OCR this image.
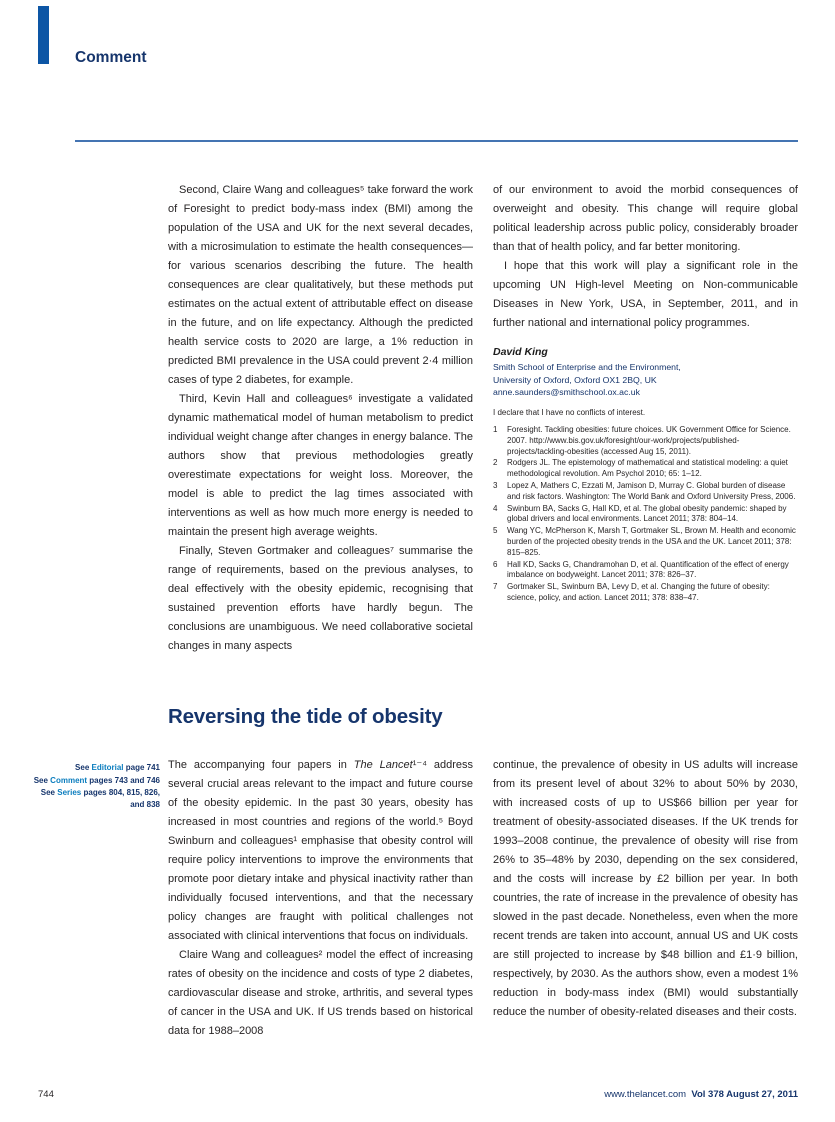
Comment

Second, Claire Wang and colleagues⁵ take forward the work of Foresight to predict body-mass index (BMI) among the population of the USA and UK for the next several decades, with a microsimulation to estimate the health consequences—for various scenarios describing the future. The health consequences are clear qualitatively, but these methods put estimates on the actual extent of attributable effect on disease in the future, and on life expectancy. Although the predicted health service costs to 2020 are large, a 1% reduction in predicted BMI prevalence in the USA could prevent 2·4 million cases of type 2 diabetes, for example.

Third, Kevin Hall and colleagues⁶ investigate a validated dynamic mathematical model of human metabolism to predict individual weight change after changes in energy balance. The authors show that previous methodologies greatly overestimate expectations for weight loss. Moreover, the model is able to predict the lag times associated with interventions as well as how much more energy is needed to maintain the present high average weights.

Finally, Steven Gortmaker and colleagues⁷ summarise the range of requirements, based on the previous analyses, to deal effectively with the obesity epidemic, recognising that sustained prevention efforts have hardly begun. The conclusions are unambiguous. We need collaborative societal changes in many aspects

of our environment to avoid the morbid consequences of overweight and obesity. This change will require global political leadership across public policy, considerably broader than that of health policy, and far better monitoring.

I hope that this work will play a significant role in the upcoming UN High-level Meeting on Non-communicable Diseases in New York, USA, in September, 2011, and in further national and international policy programmes.

David King

Smith School of Enterprise and the Environment,
University of Oxford, Oxford OX1 2BQ, UK
anne.saunders@smithschool.ox.ac.uk

I declare that I have no conflicts of interest.

1	Foresight. Tackling obesities: future choices. UK Government Office for Science. 2007. http://www.bis.gov.uk/foresight/our-work/projects/published-projects/tackling-obesities (accessed Aug 15, 2011).
2	Rodgers JL. The epistemology of mathematical and statistical modeling: a quiet methodological revolution. Am Psychol 2010; 65: 1–12.
3	Lopez A, Mathers C, Ezzati M, Jamison D, Murray C. Global burden of disease and risk factors. Washington: The World Bank and Oxford University Press, 2006.
4	Swinburn BA, Sacks G, Hall KD, et al. The global obesity pandemic: shaped by global drivers and local environments. Lancet 2011; 378: 804–14.
5	Wang YC, McPherson K, Marsh T, Gortmaker SL, Brown M. Health and economic burden of the projected obesity trends in the USA and the UK. Lancet 2011; 378: 815–825.
6	Hall KD, Sacks G, Chandramohan D, et al. Quantification of the effect of energy imbalance on bodyweight. Lancet 2011; 378: 826–37.
7	Gortmaker SL, Swinburn BA, Levy D, et al. Changing the future of obesity: science, policy, and action. Lancet 2011; 378: 838–47.
Reversing the tide of obesity
See Editorial page 741
See Comment pages 743 and 746
See Series pages 804, 815, 826, and 838

The accompanying four papers in The Lancet¹⁻⁴ address several crucial areas relevant to the impact and future course of the obesity epidemic. In the past 30 years, obesity has increased in most countries and regions of the world.⁵ Boyd Swinburn and colleagues¹ emphasise that obesity control will require policy interventions to improve the environments that promote poor dietary intake and physical inactivity rather than individually focused interventions, and that the necessary policy changes are fraught with political challenges not associated with clinical interventions that focus on individuals.

Claire Wang and colleagues² model the effect of increasing rates of obesity on the incidence and costs of type 2 diabetes, cardiovascular disease and stroke, arthritis, and several types of cancer in the USA and UK. If US trends based on historical data for 1988–2008

continue, the prevalence of obesity in US adults will increase from its present level of about 32% to about 50% by 2030, with increased costs of up to US$66 billion per year for treatment of obesity-associated diseases. If the UK trends for 1993–2008 continue, the prevalence of obesity will rise from 26% to 35–48% by 2030, depending on the sex considered, and the costs will increase by £2 billion per year. In both countries, the rate of increase in the prevalence of obesity has slowed in the past decade. Nonetheless, even when the more recent trends are taken into account, annual US and UK costs are still projected to increase by $48 billion and £1·9 billion, respectively, by 2030. As the authors show, even a modest 1% reduction in body-mass index (BMI) would substantially reduce the number of obesity-related diseases and their costs.

744	www.thelancet.com Vol 378 August 27, 2011
